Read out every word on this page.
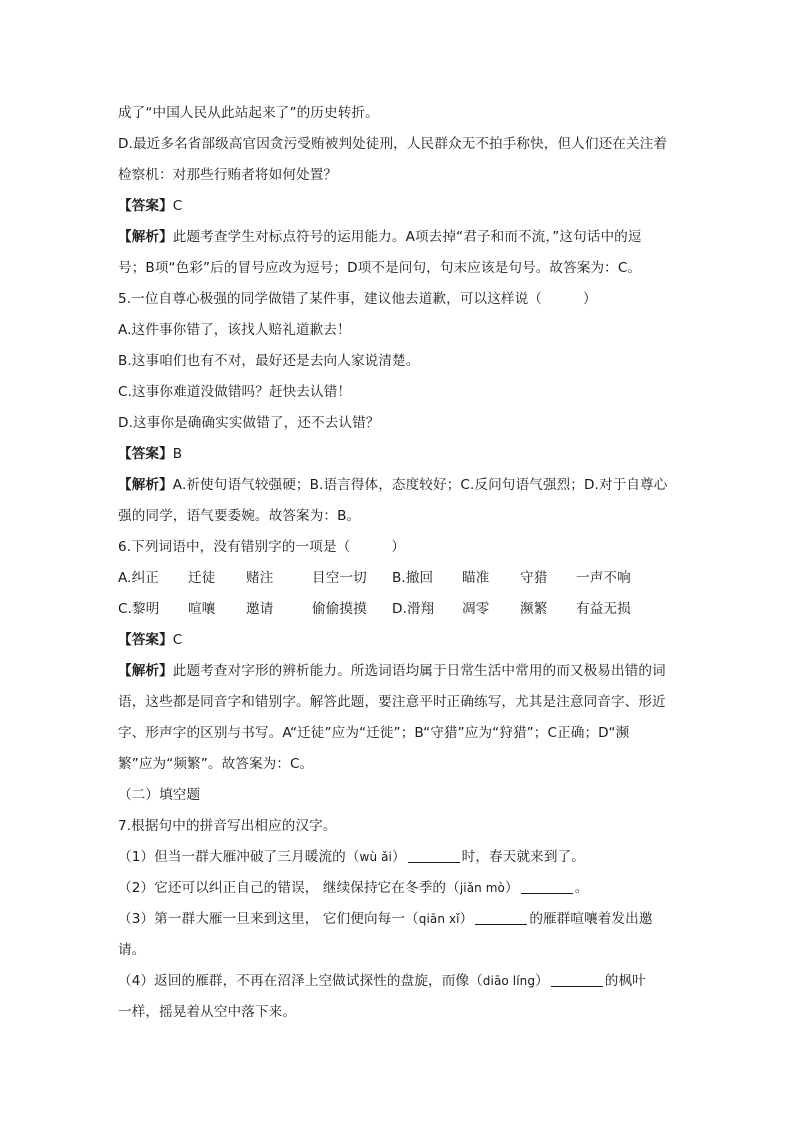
成了“中国人民从此站起来了”的历史转折。
D.最近多名省部级高官因贪污受贿被判处徒刑，人民群众无不拍手称快，但人们还在关注着
检察机：对那些行贿者将如何处置？
【答案】C
【解析】此题考查学生对标点符号的运用能力。A项去掉“君子和而不流，”这句话中的逗
号；B项“色彩”后的冒号应改为逗号；D项不是问句，句末应该是句号。故答案为：C。
5.一位自尊心极强的同学做错了某件事，建议他去道歉，可以这样说（　　　）
A.这件事你错了，该找人赔礼道歉去！
B.这事咱们也有不对，最好还是去向人家说清楚。
C.这事你难道没做错吗？赶快去认错！
D.这事你是确确实实做错了，还不去认错？
【答案】B
【解析】A.祈使句语气较强硬；B.语言得体，态度较好；C.反问句语气强烈；D.对于自尊心
强的同学，语气要委婉。故答案为：B。
6.下列词语中，没有错别字的一项是（　　　）
A.纠正	迁徒	赌注	目空一切	B.撤回	瞄准	守猎	一声不响
C.黎明	喧嚷	邀请	偷偷摸摸	D.滑翔	凋零	濒繁	有益无损
【答案】C
【解析】此题考查对字形的辨析能力。所选词语均属于日常生活中常用的而又极易出错的词
语，这些都是同音字和错别字。解答此题，要注意平时正确练写，尤其是注意同音字、形近
字、形声字的区别与书写。A“迁徒”应为“迁徙”；B“守猎”应为“狩猎”；C正确；D“濒
繁”应为“频繁”。故答案为：C。
（二）填空题
7.根据句中的拼音写出相应的汉字。
（1）但当一群大雁冲破了三月暖流的（wù ǎi）	时，春天就来到了。
（2）它还可以纠正自己的错误， 继续保持它在冬季的（jiǎn mò）	。
（3）第一群大雁一旦来到这里， 它们便向每一（qiān xǐ）	的雁群喧嚷着发出邀
请。
（4）返回的雁群，不再在沼泽上空做试探性的盘旋，而像（diāo líng）	的枫叶
一样，摇晃着从空中落下来。
